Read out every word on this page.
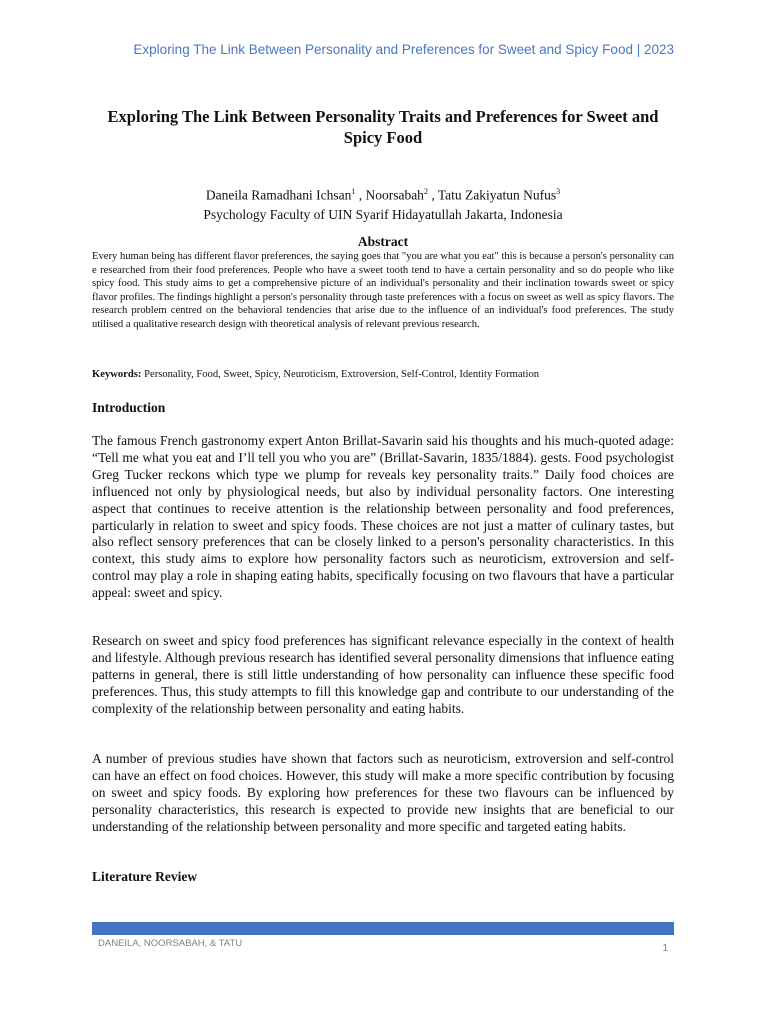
Exploring The Link Between Personality and Preferences for Sweet and Spicy Food | 2023
Exploring The Link Between Personality Traits and Preferences for Sweet and Spicy Food
Daneila Ramadhani Ichsan$^1$ , Noorsabah$^2$ , Tatu Zakiyatun Nufus$^3$
Psychology Faculty of UIN Syarif Hidayatullah Jakarta, Indonesia
Abstract
Every human being has different flavor preferences, the saying goes that "you are what you eat" this is because a person's personality can e researched from their food preferences. People who have a sweet tooth tend to have a certain personality and so do people who like spicy food. This study aims to get a comprehensive picture of an individual's personality and their inclination towards sweet or spicy flavor profiles. The findings highlight a person's personality through taste preferences with a focus on sweet as well as spicy flavors. The research problem centred on the behavioral tendencies that arise due to the influence of an individual's food preferences. The study utilised a qualitative research design with theoretical analysis of relevant previous research.
Keywords: Personality, Food, Sweet, Spicy, Neuroticism, Extroversion, Self-Control, Identity Formation
Introduction
The famous French gastronomy expert Anton Brillat-Savarin said his thoughts and his much-quoted adage: “Tell me what you eat and I’ll tell you who you are” (Brillat-Savarin, 1835/1884). gests. Food psychologist Greg Tucker reckons which type we plump for reveals key personality traits.” Daily food choices are influenced not only by physiological needs, but also by individual personality factors. One interesting aspect that continues to receive attention is the relationship between personality and food preferences, particularly in relation to sweet and spicy foods. These choices are not just a matter of culinary tastes, but also reflect sensory preferences that can be closely linked to a person's personality characteristics. In this context, this study aims to explore how personality factors such as neuroticism, extroversion and self-control may play a role in shaping eating habits, specifically focusing on two flavours that have a particular appeal: sweet and spicy.
Research on sweet and spicy food preferences has significant relevance especially in the context of health and lifestyle. Although previous research has identified several personality dimensions that influence eating patterns in general, there is still little understanding of how personality can influence these specific food preferences. Thus, this study attempts to fill this knowledge gap and contribute to our understanding of the complexity of the relationship between personality and eating habits.
A number of previous studies have shown that factors such as neuroticism, extroversion and self-control can have an effect on food choices. However, this study will make a more specific contribution by focusing on sweet and spicy foods. By exploring how preferences for these two flavours can be influenced by personality characteristics, this research is expected to provide new insights that are beneficial to our understanding of the relationship between personality and more specific and targeted eating habits.
Literature Review
DANEILA, NOORSABAH, & TATU	1
